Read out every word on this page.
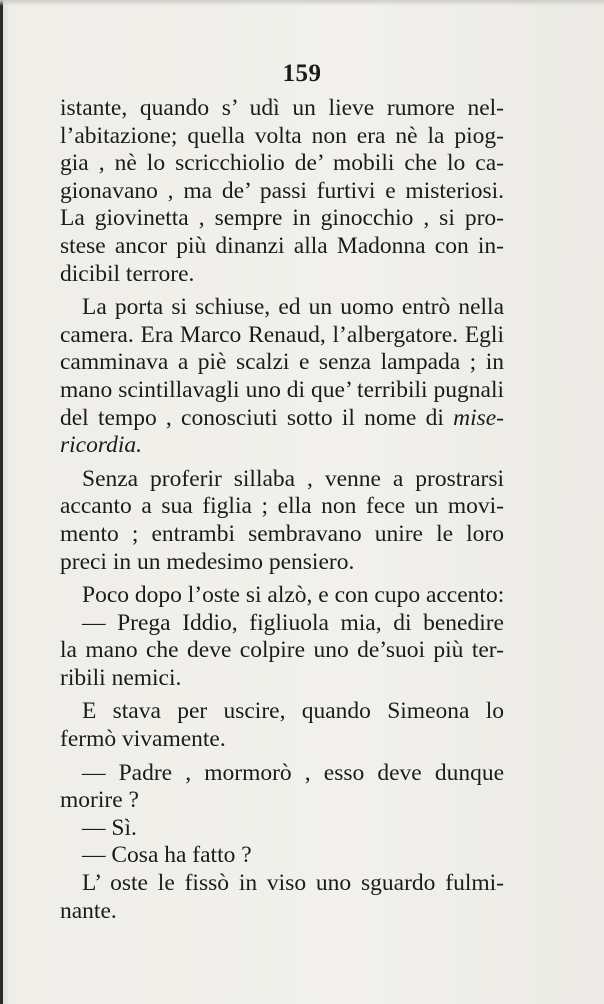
159
istante, quando s’ udì un lieve rumore nel-
l’abitazione; quella volta non era nè la piog-
gia , nè lo scricchiolio de’ mobili che lo ca-
gionavano , ma de’ passi furtivi e misteriosi.
La giovinetta , sempre in ginocchio , si pro-
stese ancor più dinanzi alla Madonna con in-
dicibil terrore.
La porta si schiuse, ed un uomo entrò nella
camera. Era Marco Renaud, l’albergatore. Egli
camminava a piè scalzi e senza lampada ; in
mano scintillavagli uno di que’ terribili pugnali
del tempo , conosciuti sotto il nome di mise-
ricordia.
Senza proferir sillaba , venne a prostrarsi
accanto a sua figlia ; ella non fece un movi-
mento ; entrambi sembravano unire le loro
preci in un medesimo pensiero.
Poco dopo l’oste si alzò, e con cupo accento:
— Prega Iddio, figliuola mia, di benedire
la mano che deve colpire uno de’suoi più ter-
ribili nemici.
E stava per uscire, quando Simeona lo
fermò vivamente.
— Padre , mormorò , esso deve dunque
morire ?
— Sì.
— Cosa ha fatto ?
L’ oste le fissò in viso uno sguardo fulmi-
nante.
